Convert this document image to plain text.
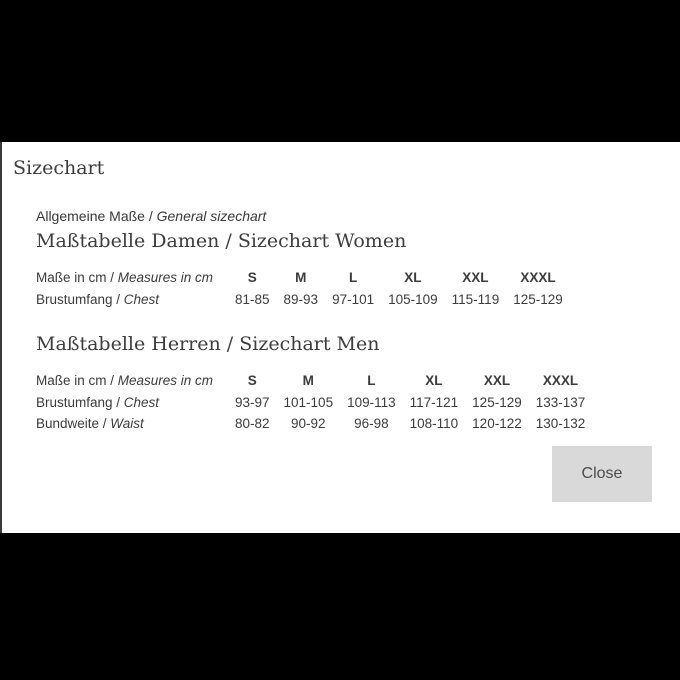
Sizechart
Allgemeine Maße / General sizechart
Maßtabelle Damen / Sizechart Women
Maße in cm / Measures in cm	S	M	L	XL	XXL	XXXL
Brustumfang / Chest	81-85	89-93	97-101	105-109	115-119	125-129
Maßtabelle Herren / Sizechart Men
Maße in cm / Measures in cm	S	M	L	XL	XXL	XXXL
Brustumfang / Chest	93-97	101-105	109-113	117-121	125-129	133-137
Bundweite / Waist	80-82	90-92	96-98	108-110	120-122	130-132
Close
